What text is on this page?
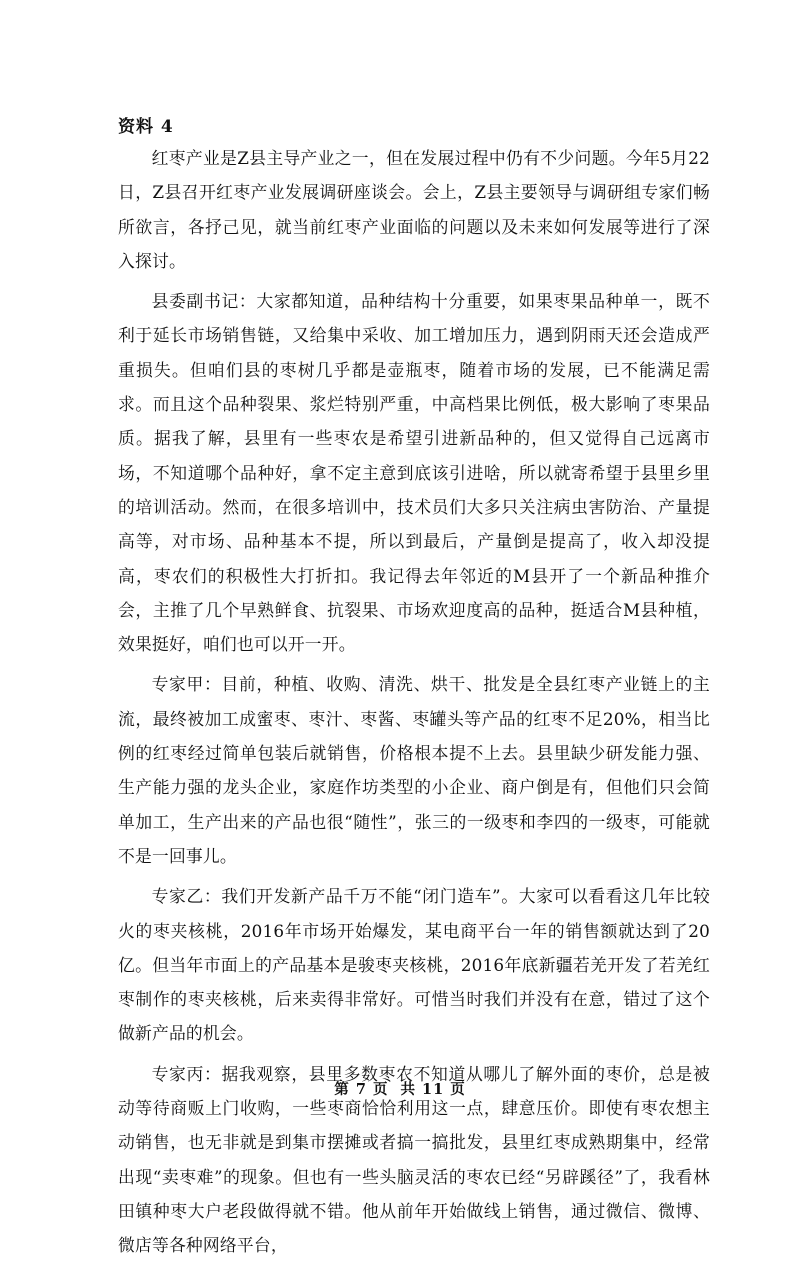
资料 4

红枣产业是Z县主导产业之一，但在发展过程中仍有不少问题。今年5月22日，Z县召开红枣产业发展调研座谈会。会上，Z县主要领导与调研组专家们畅所欲言，各抒己见，就当前红枣产业面临的问题以及未来如何发展等进行了深入探讨。

县委副书记：大家都知道，品种结构十分重要，如果枣果品种单一，既不利于延长市场销售链，又给集中采收、加工增加压力，遇到阴雨天还会造成严重损失。但咱们县的枣树几乎都是壶瓶枣，随着市场的发展，已不能满足需求。而且这个品种裂果、浆烂特别严重，中高档果比例低，极大影响了枣果品质。据我了解，县里有一些枣农是希望引进新品种的，但又觉得自己远离市场，不知道哪个品种好，拿不定主意到底该引进啥，所以就寄希望于县里乡里的培训活动。然而，在很多培训中，技术员们大多只关注病虫害防治、产量提高等，对市场、品种基本不提，所以到最后，产量倒是提高了，收入却没提高，枣农们的积极性大打折扣。我记得去年邻近的M县开了一个新品种推介会，主推了几个早熟鲜食、抗裂果、市场欢迎度高的品种，挺适合M县种植，效果挺好，咱们也可以开一开。

专家甲：目前，种植、收购、清洗、烘干、批发是全县红枣产业链上的主流，最终被加工成蜜枣、枣汁、枣酱、枣罐头等产品的红枣不足20%，相当比例的红枣经过简单包装后就销售，价格根本提不上去。县里缺少研发能力强、生产能力强的龙头企业，家庭作坊类型的小企业、商户倒是有，但他们只会简单加工，生产出来的产品也很“随性”，张三的一级枣和李四的一级枣，可能就不是一回事儿。

专家乙：我们开发新产品千万不能“闭门造车”。大家可以看看这几年比较火的枣夹核桃，2016年市场开始爆发，某电商平台一年的销售额就达到了20亿。但当年市面上的产品基本是骏枣夹核桃，2016年底新疆若羌开发了若羌红枣制作的枣夹核桃，后来卖得非常好。可惜当时我们并没有在意，错过了这个做新产品的机会。

专家丙：据我观察，县里多数枣农不知道从哪儿了解外面的枣价，总是被动等待商贩上门收购，一些枣商恰恰利用这一点，肆意压价。即使有枣农想主动销售，也无非就是到集市摆摊或者搞一搞批发，县里红枣成熟期集中，经常出现“卖枣难”的现象。但也有一些头脑灵活的枣农已经“另辟蹊径”了，我看林田镇种枣大户老段做得就不错。他从前年开始做线上销售，通过微信、微博、微店等各种网络平台，

第 7 页 共 11 页
